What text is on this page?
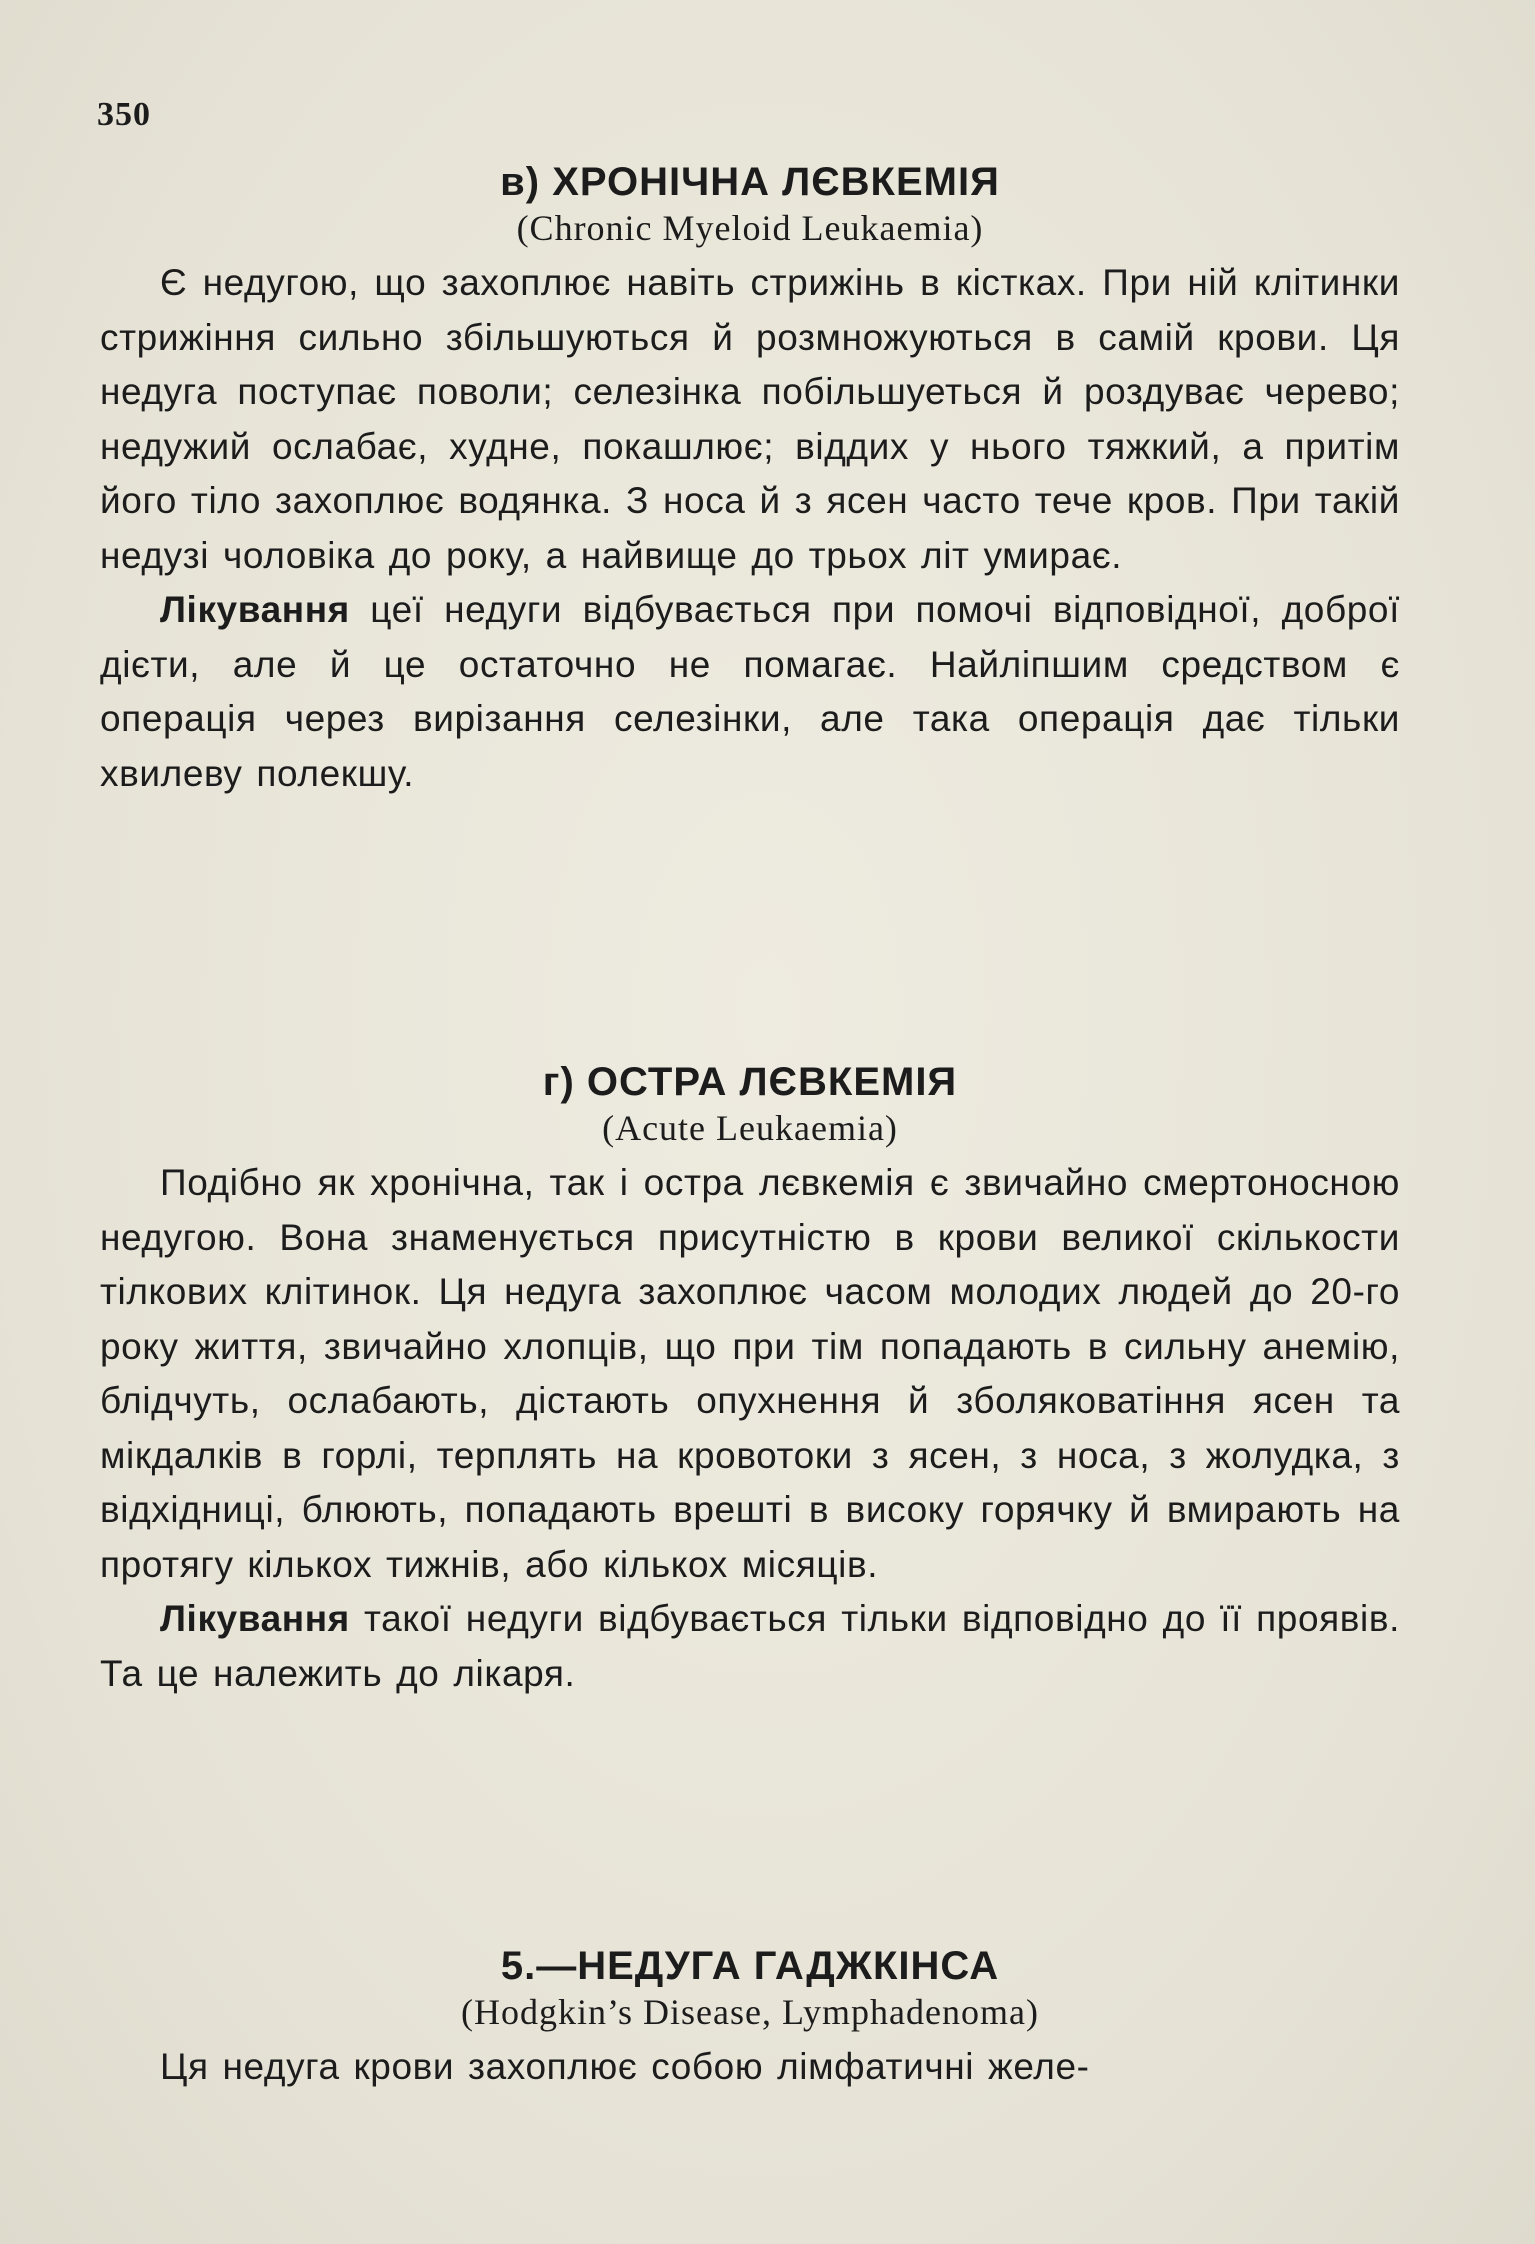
350
в) ХРОНІЧНА ЛЄВКЕМІЯ
(Chronic Myeloid Leukaemia)

Є недугою, що захоплює навіть стрижінь в кістках. При ній клітинки стрижіння сильно збільшуються й розмножуються в самій крови. Ця недуга поступає поволи; селезінка побільшуеться й роздуває черево; недужий ослабає, худне, покашлює; віддих у нього тяжкий, а притім його тіло захоплює водянка. З носа й з ясен часто тече кров. При такій недузі чоловіка до року, а найвище до трьох літ умирає.

Лікування цеї недуги відбувається при помочі відповідної, доброї дієти, але й це остаточно не помагає. Найліпшим средством є операція через вирізання селезінки, але така операція дає тільки хвилеву полекшу.

г) ОСТРА ЛЄВКЕМІЯ
(Acute Leukaemia)

Подібно як хронічна, так і остра лєвкемія є звичайно смертоносною недугою. Вона знаменується присутністю в крови великої скількости тілкових клітинок. Ця недуга захоплює часом молодих людей до 20-го року життя, звичайно хлопців, що при тім попадають в сильну анемію, блідчуть, ослабають, дістають опухнення й зболяковатіння ясен та мікдалків в горлі, терплять на кровотоки з ясен, з носа, з жолудка, з відхідниці, блюють, попадають врешті в високу горячку й вмирають на протягу кількох тижнів, або кількох місяців.

Лікування такої недуги відбувається тільки відповідно до її проявів. Та це належить до лікаря.

5.—НЕДУГА ГАДЖКІНСА
(Hodgkin’s Disease, Lymphadenoma)

Ця недуга крови захоплює собою лімфатичні желе-
